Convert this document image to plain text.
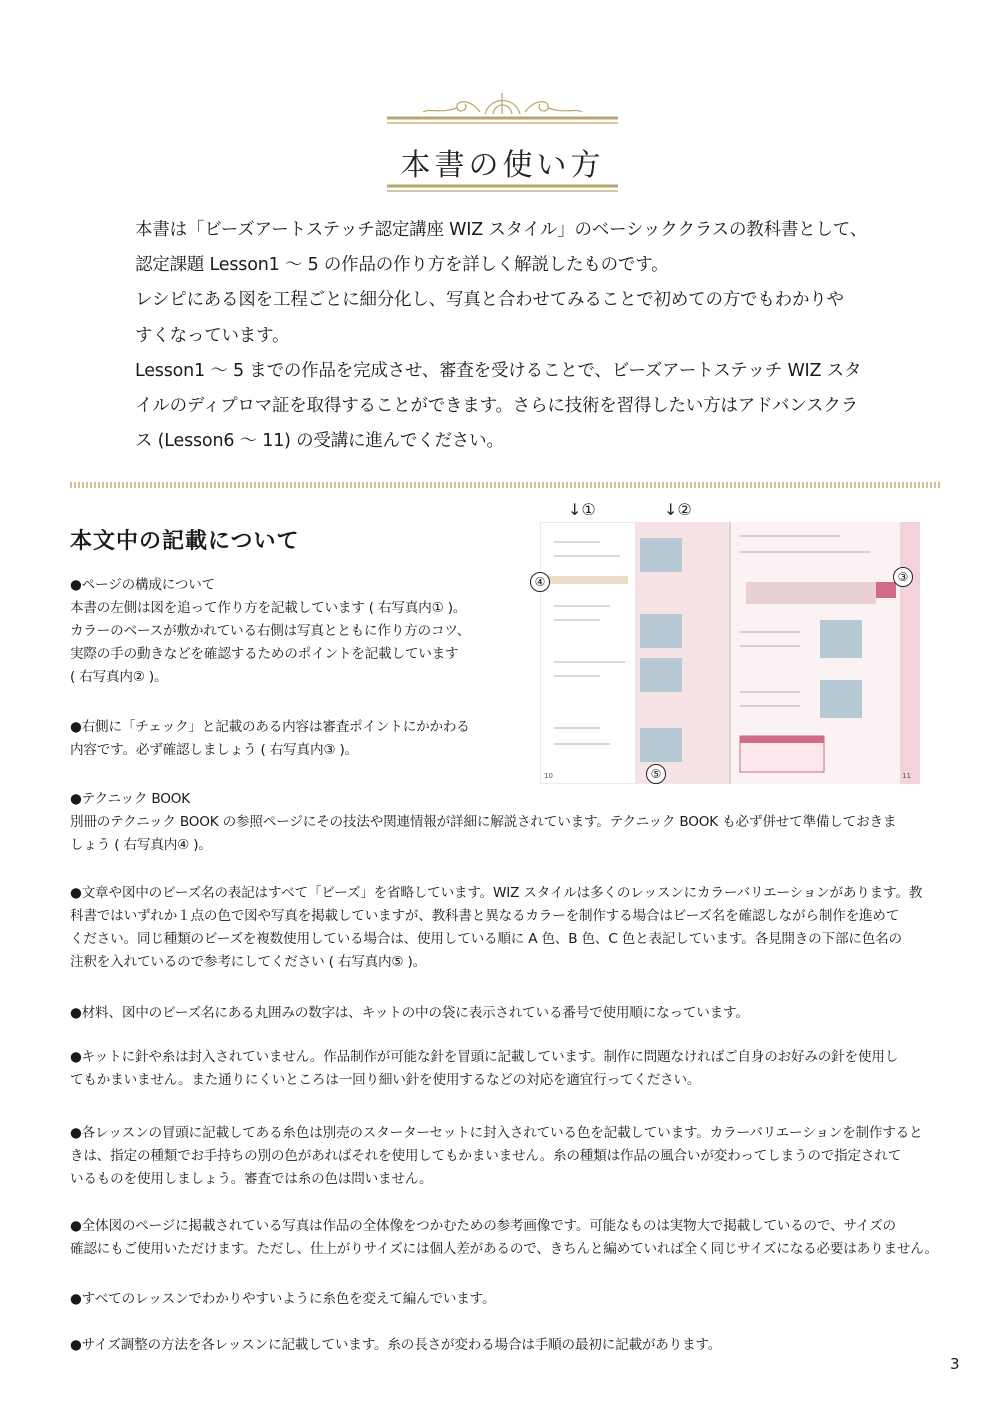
本書の使い方

本書は「ビーズアートステッチ認定講座 WIZ スタイル」のベーシッククラスの教科書として、

認定課題 Lesson1 ～ 5 の作品の作り方を詳しく解説したものです。

レシピにある図を工程ごとに細分化し、写真と合わせてみることで初めての方でもわかりや

すくなっています。

Lesson1 ～ 5 までの作品を完成させ、審査を受けることで、ビーズアートステッチ WIZ スタ

イルのディプロマ証を取得することができます。さらに技術を習得したい方はアドバンスクラ

ス (Lesson6 ～ 11) の受講に進んでください。

本文中の記載について

●ページの構成について

本書の左側は図を追って作り方を記載しています ( 右写真内① )。

カラーのベースが敷かれている右側は写真とともに作り方のコツ、

実際の手の動きなどを確認するためのポイントを記載しています

( 右写真内② )。

●右側に「チェック」と記載のある内容は審査ポイントにかかわる

内容です。必ず確認しましょう ( 右写真内③ )。

●テクニック BOOK

別冊のテクニック BOOK の参照ページにその技法や関連情報が詳細に解説されています。テクニック BOOK も必ず併せて準備しておきま

しょう ( 右写真内④ )。

●文章や図中のビーズ名の表記はすべて「ビーズ」を省略しています。WIZ スタイルは多くのレッスンにカラーバリエーションがあります。教

科書ではいずれか１点の色で図や写真を掲載していますが、教科書と異なるカラーを制作する場合はビーズ名を確認しながら制作を進めて

ください。同じ種類のビーズを複数使用している場合は、使用している順に A 色、B 色、C 色と表記しています。各見開きの下部に色名の

注釈を入れているので参考にしてください ( 右写真内⑤ )。

●材料、図中のビーズ名にある丸囲みの数字は、キットの中の袋に表示されている番号で使用順になっています。

●キットに針や糸は封入されていません。作品制作が可能な針を冒頭に記載しています。制作に問題なければご自身のお好みの針を使用し

てもかまいません。また通りにくいところは一回り細い針を使用するなどの対応を適宜行ってください。

●各レッスンの冒頭に記載してある糸色は別売のスターターセットに封入されている色を記載しています。カラーバリエーションを制作すると

きは、指定の種類でお手持ちの別の色があればそれを使用してもかまいません。糸の種類は作品の風合いが変わってしまうので指定されて

いるものを使用しましょう。審査では糸の色は問いません。

●全体図のページに掲載されている写真は作品の全体像をつかむための参考画像です。可能なものは実物大で掲載しているので、サイズの

確認にもご使用いただけます。ただし、仕上がりサイズには個人差があるので、きちんと編めていれば全く同じサイズになる必要はありません。

●すべてのレッスンでわかりやすいように糸色を変えて編んでいます。

●サイズ調整の方法を各レッスンに記載しています。糸の長さが変わる場合は手順の最初に記載があります。

↓①	↓②
④	③
⑤
10	11
3
